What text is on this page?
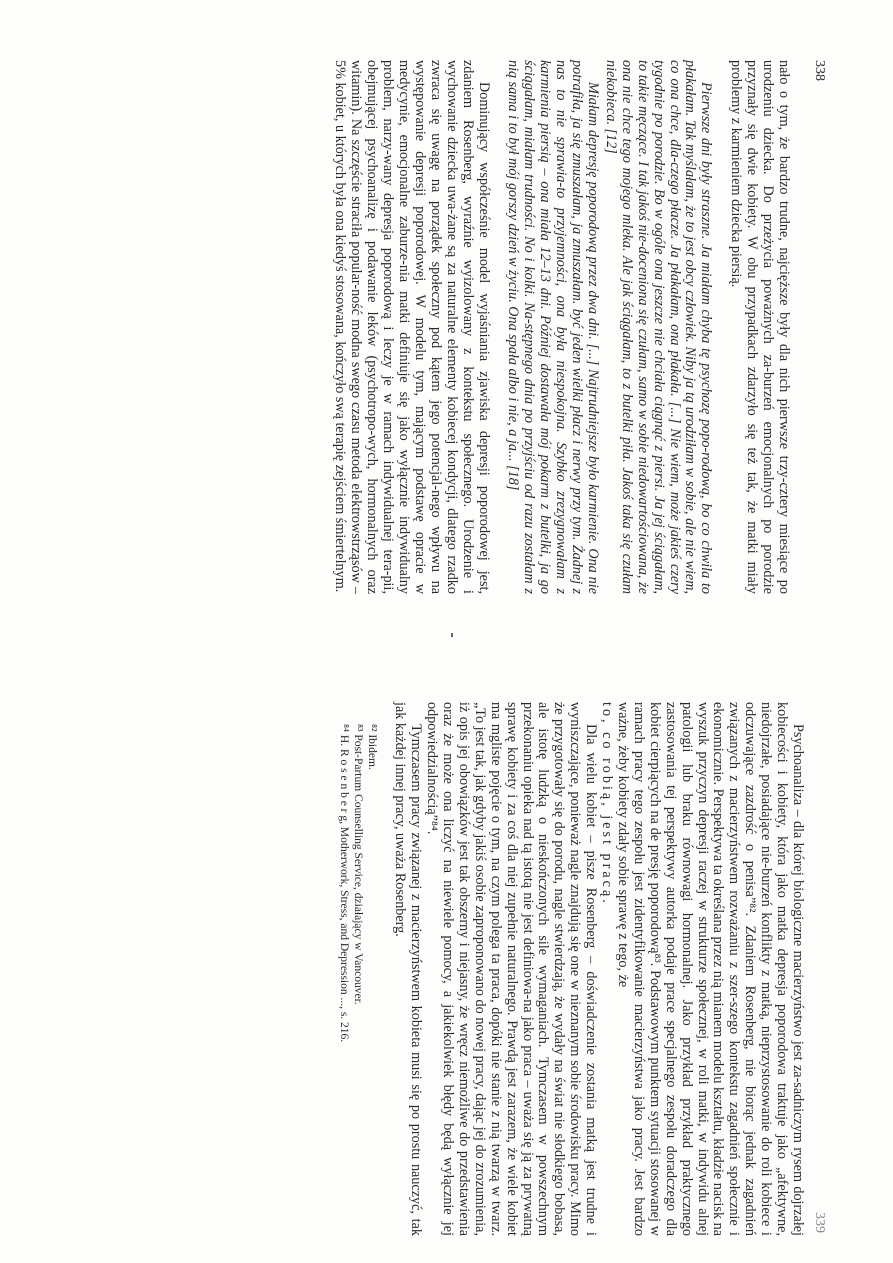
338

nało o tym, że bardzo trudne, najcięższe były dla nich pierwsze trzy-cztery miesiące po urodzeniu dziecka. Do przeżycia poważnych za-burzeń emocjonalnych po porodzie przyznały się dwie kobiety. W obu przypadkach zdarzyło się też tak, że matki miały problemy z karmieniem dziecka piersią.

Pierwsze dni były straszne. Ja miałam chyba tę psychozę popo-rodową, bo co chwila to płakałam. Tak myślałam, że to jest obcy człowiek. Niby ja tą urodziłam w sobie, ale nie wiem, co ona chce, dla-czego płacze. Ja płakałam, ona płakała. [...] Nie wiem, może jakieś czery tygodnie po porodzie. Bo w ogóle ona jeszcze nie chciała ciągnąć z piersi. Ja jej ściągałam, to takie męczące. I tak jakoś nie-doceniona się czułam, samo w sobie niedowartościowana, że ona nie chce tego mojego mleka. Ale jak ściągałam, to z butelki piła. Jakoś taka się czułam niekobieca. [12]

Miałam depresję poporodową przez dwa dni. [...] Najtrudniejsze było karmienie. Ona nie potrafiła, ja się zmuszałam, ja zmuszałam. być jeden wielki płacz i nerwy przy tym. Żadnej z nas to nie sprawia-to przyjemności, ona była niespokojna. Szybko zrezygnowałam z karmienia piersią – ona miała 12–13 dni. Później dostawała mój pokarm z butelki, ja go ściągałam, miałam trudności. No i kolki. Na-stępnego dnia po przyjściu od razu zostałam z nią sama i to był mój gorszy dzień w życiu. Ona spała albo i nie, a ja... [18]

Dominujący współcześnie model wyjaśniania zjawiska depresji poporodowej jest, zdaniem Rosenberg, wyraźnie wyizolowany z kontekstu społecznego. Urodzenie i wychowanie dziecka uwa-żane są za naturalne elementy kobiecej kondycji, dlatego rzadko zwraca się uwagę na porządek społeczny pod kątem jego potencjal-nego wpływu na występowanie depresji poporodowej. W modelu tym, mającym podstawę opracie w medycynie, emocjonalne zaburze-nia matki definiuje się jako wyłącznie indywidualny problem, narzy-wany depresja poporodową i leczy je w ramach indywidualnej tera-pii, obejmującej psychoanalizę i podawanie leków (psychotropo-wych, hormonalnych oraz witamin). Na szczęście straciła popular-ność modna swego czasu metoda elektrowstrząsów – 5% kobiet, u których była ona kiedyś stosowana, kończyło swą terapię zejściem śmiertelnym.

339

Psychoanaliza – dla której biologiczne macierzyństwo jest za-sadniczym rysem dojrzałej kobiecości i kobiety, która jako matka depresja poporodowa traktuje jako „afektywne, niedojrzałe, posiadające nie-burzeń konflikty z matką, nieprzystosowanie do roli kobiece i odczuwające zazdrość o penisa”⁸². Zdaniem Rosenberg, nie biorąc jednak zagadnień związanych z macierzyństwem rozważaniu z szer-szego kontekstu zagadnień społecznie i ekonomicznie. Perspektywa ta określana przez nią mianem modelu kształtu, kładzie nacisk na wyszuk przyczyn depresji raczej w strukturze społecznej, w roli matki, w indywidu alnej patologii lub braku równowagi hormonalnej. Jako przykład przykład praktycznego zastosowania tej perspektywy autorka podaje prace specjalnego zespołu doradczego dla kobiet cierpiących na de presję poporodową⁸³. Podstawowym punktem sytuacji stosowanej w ramach pracy tego zespołu jest zidentyfikowanie macierzyństwa jako pracy. Jest bardzo ważne, żeby kobiety zdały sobie sprawę z tego, że

to, co robią, jest pracą.

Dla wielu kobiet – pisze Rosenberg – doświadczenie zostania matką jest trudne i wyniszczające, ponieważ nagle znajdują się one w nieznanym sobie środowisku pracy. Mimo że przygotowały się do porodu, nagle stwierdzają, że wydały na świat nie słodkiego bobasa, ale istotę ludzką o nieskończonych sile wymaganiach. Tymczasem w powszechnym przekonaniu opieka nad tą istotą nie jest definiowa-na jako praca – uważa się ją za prywatną sprawę kobiety i za coś dla niej zupełnie naturalnego. Prawdą jest zarazem, że wiele kobiet ma mgliste pojęcie o tym, na czym polega ta praca, dopóki nie stanie z nią twarzą w twarz. „To jest tak, jak gdyby jakiś osobie zaproponowano do nowej pracy, dając jej do zrozumienia, iż opis jej obowiązków jest tak obszerny i niejasny, że wręcz niemożliwe do przedstawienia oraz że może ona liczyć na niewiele pomocy, a jakiekolwiek błędy będą wyłącznie jej odpowiedzialnością”⁸⁴.

Tymczasem pracy związanej z macierzyństwem kobieta musi się po prostu nauczyć, tak jak każdej innej pracy, uważa Rosenberg.

⁸² Ibidem.
⁸³ Post-Partum Counselling Service, działający w Vancouver.
⁸⁴ H. R o s e n b e r g, Motherwork, Stress, and Depression ..., s. 216.
